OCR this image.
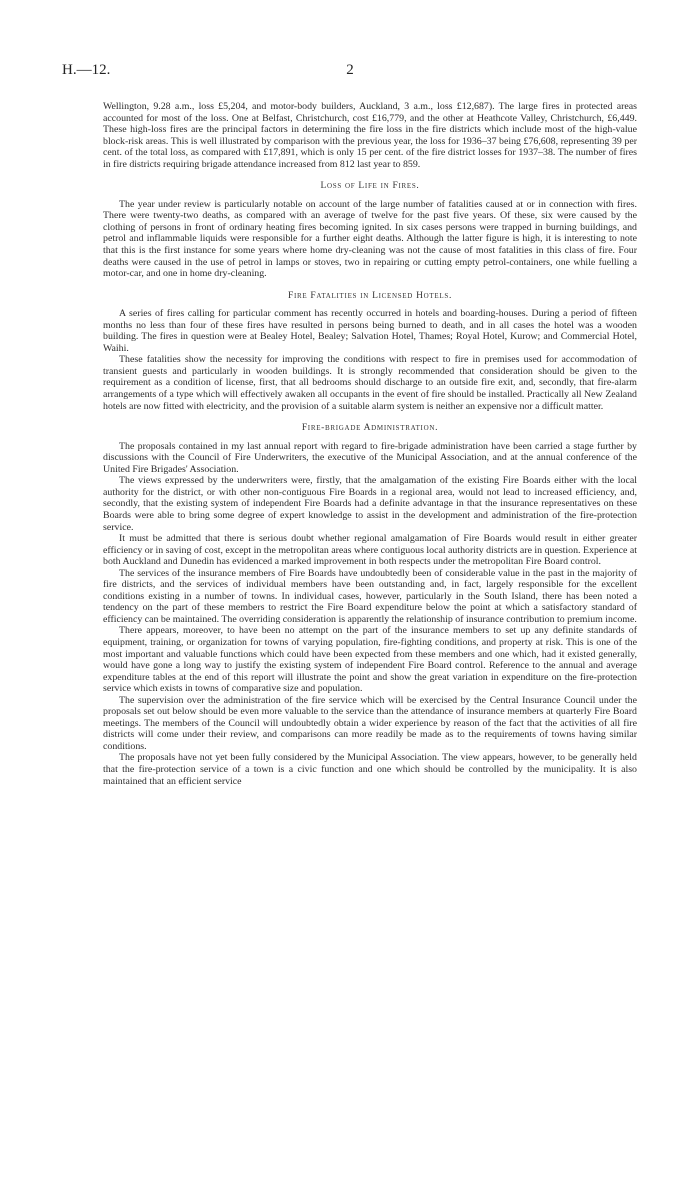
H.—12.	2

Wellington, 9.28 a.m., loss £5,204, and motor-body builders, Auckland, 3 a.m., loss £12,687). The large fires in protected areas accounted for most of the loss. One at Belfast, Christchurch, cost £16,779, and the other at Heathcote Valley, Christchurch, £6,449. These high-loss fires are the principal factors in determining the fire loss in the fire districts which include most of the high-value block-risk areas. This is well illustrated by comparison with the previous year, the loss for 1936–37 being £76,608, representing 39 per cent. of the total loss, as compared with £17,891, which is only 15 per cent. of the fire district losses for 1937–38. The number of fires in fire districts requiring brigade attendance increased from 812 last year to 859.

Loss of Life in Fires.

The year under review is particularly notable on account of the large number of fatalities caused at or in connection with fires. There were twenty-two deaths, as compared with an average of twelve for the past five years. Of these, six were caused by the clothing of persons in front of ordinary heating fires becoming ignited. In six cases persons were trapped in burning buildings, and petrol and inflammable liquids were responsible for a further eight deaths. Although the latter figure is high, it is interesting to note that this is the first instance for some years where home dry-cleaning was not the cause of most fatalities in this class of fire. Four deaths were caused in the use of petrol in lamps or stoves, two in repairing or cutting empty petrol-containers, one while fuelling a motor-car, and one in home dry-cleaning.

Fire Fatalities in Licensed Hotels.

A series of fires calling for particular comment has recently occurred in hotels and boarding-houses. During a period of fifteen months no less than four of these fires have resulted in persons being burned to death, and in all cases the hotel was a wooden building. The fires in question were at Bealey Hotel, Bealey; Salvation Hotel, Thames; Royal Hotel, Kurow; and Commercial Hotel, Waihi.

These fatalities show the necessity for improving the conditions with respect to fire in premises used for accommodation of transient guests and particularly in wooden buildings. It is strongly recommended that consideration should be given to the requirement as a condition of license, first, that all bedrooms should discharge to an outside fire exit, and, secondly, that fire-alarm arrangements of a type which will effectively awaken all occupants in the event of fire should be installed. Practically all New Zealand hotels are now fitted with electricity, and the provision of a suitable alarm system is neither an expensive nor a difficult matter.

Fire-brigade Administration.

The proposals contained in my last annual report with regard to fire-brigade administration have been carried a stage further by discussions with the Council of Fire Underwriters, the executive of the Municipal Association, and at the annual conference of the United Fire Brigades' Association.

The views expressed by the underwriters were, firstly, that the amalgamation of the existing Fire Boards either with the local authority for the district, or with other non-contiguous Fire Boards in a regional area, would not lead to increased efficiency, and, secondly, that the existing system of independent Fire Boards had a definite advantage in that the insurance representatives on these Boards were able to bring some degree of expert knowledge to assist in the development and administration of the fire-protection service.

It must be admitted that there is serious doubt whether regional amalgamation of Fire Boards would result in either greater efficiency or in saving of cost, except in the metropolitan areas where contiguous local authority districts are in question. Experience at both Auckland and Dunedin has evidenced a marked improvement in both respects under the metropolitan Fire Board control.

The services of the insurance members of Fire Boards have undoubtedly been of considerable value in the past in the majority of fire districts, and the services of individual members have been outstanding and, in fact, largely responsible for the excellent conditions existing in a number of towns. In individual cases, however, particularly in the South Island, there has been noted a tendency on the part of these members to restrict the Fire Board expenditure below the point at which a satisfactory standard of efficiency can be maintained. The overriding consideration is apparently the relationship of insurance contribution to premium income.

There appears, moreover, to have been no attempt on the part of the insurance members to set up any definite standards of equipment, training, or organization for towns of varying population, fire-fighting conditions, and property at risk. This is one of the most important and valuable functions which could have been expected from these members and one which, had it existed generally, would have gone a long way to justify the existing system of independent Fire Board control. Reference to the annual and average expenditure tables at the end of this report will illustrate the point and show the great variation in expenditure on the fire-protection service which exists in towns of comparative size and population.

The supervision over the administration of the fire service which will be exercised by the Central Insurance Council under the proposals set out below should be even more valuable to the service than the attendance of insurance members at quarterly Fire Board meetings. The members of the Council will undoubtedly obtain a wider experience by reason of the fact that the activities of all fire districts will come under their review, and comparisons can more readily be made as to the requirements of towns having similar conditions.

The proposals have not yet been fully considered by the Municipal Association. The view appears, however, to be generally held that the fire-protection service of a town is a civic function and one which should be controlled by the municipality. It is also maintained that an efficient service
